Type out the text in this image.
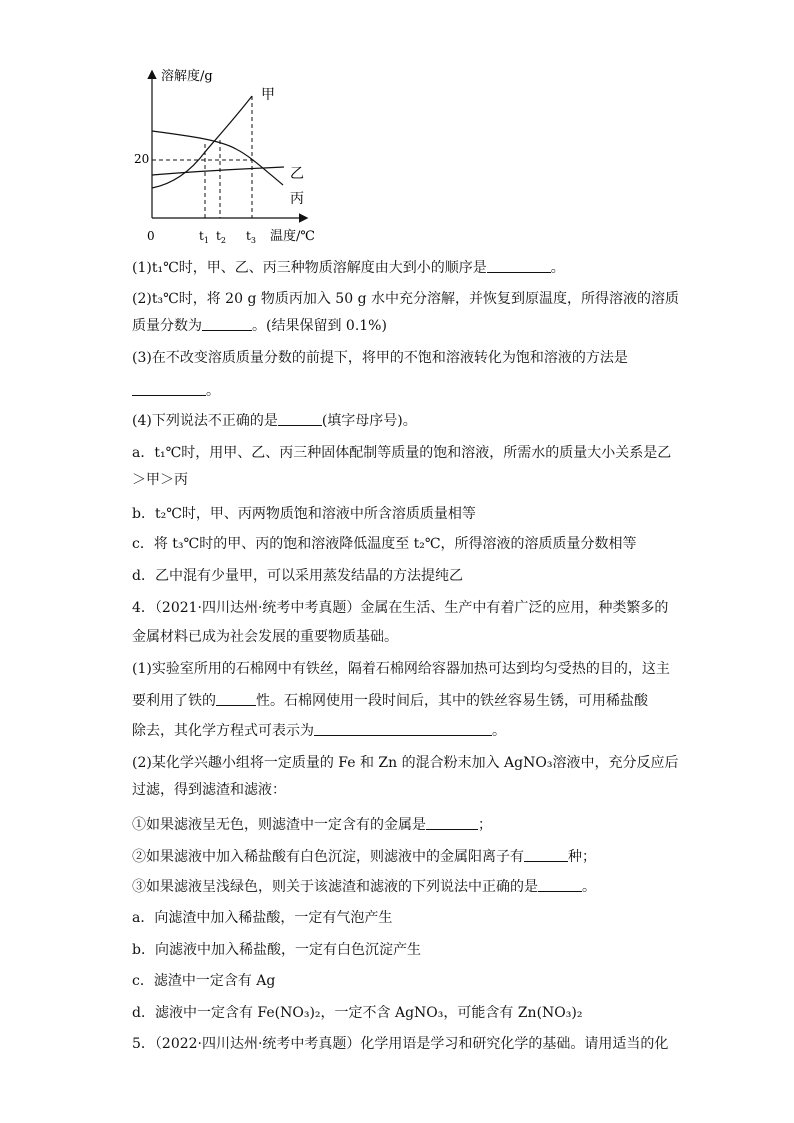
溶解度/g
温度/℃
0
20
甲
乙
丙
$t_1$ $t_2$ $t_3$
(1)t₁℃时，甲、乙、丙三种物质溶解度由大到小的顺序是	。
(2)t₃℃时，将 20 g 物质丙加入 50 g 水中充分溶解，并恢复到原温度，所得溶液的溶质
质量分数为	。(结果保留到 0.1%)
(3)在不改变溶质质量分数的前提下，将甲的不饱和溶液转化为饱和溶液的方法是
。
(4)下列说法不正确的是	(填字母序号)。
a．t₁℃时，用甲、乙、丙三种固体配制等质量的饱和溶液，所需水的质量大小关系是乙
＞甲＞丙
b．t₂℃时，甲、丙两物质饱和溶液中所含溶质质量相等
c．将 t₃℃时的甲、丙的饱和溶液降低温度至 t₂℃，所得溶液的溶质质量分数相等
d．乙中混有少量甲，可以采用蒸发结晶的方法提纯乙
4．（2021·四川达州·统考中考真题）金属在生活、生产中有着广泛的应用，种类繁多的
金属材料已成为社会发展的重要物质基础。
(1)实验室所用的石棉网中有铁丝，隔着石棉网给容器加热可达到均匀受热的目的，这主
要利用了铁的	性。石棉网使用一段时间后，其中的铁丝容易生锈，可用稀盐酸
除去，其化学方程式可表示为	。
(2)某化学兴趣小组将一定质量的 Fe 和 Zn 的混合粉末加入 AgNO₃溶液中，充分反应后
过滤，得到滤渣和滤液：
①如果滤液呈无色，则滤渣中一定含有的金属是	；
②如果滤液中加入稀盐酸有白色沉淀，则滤液中的金属阳离子有	种；
③如果滤液呈浅绿色，则关于该滤渣和滤液的下列说法中正确的是	。
a．向滤渣中加入稀盐酸，一定有气泡产生
b．向滤液中加入稀盐酸，一定有白色沉淀产生
c．滤渣中一定含有 Ag
d．滤液中一定含有 Fe(NO₃)₂，一定不含 AgNO₃，可能含有 Zn(NO₃)₂
5．（2022·四川达州·统考中考真题）化学用语是学习和研究化学的基础。请用适当的化
